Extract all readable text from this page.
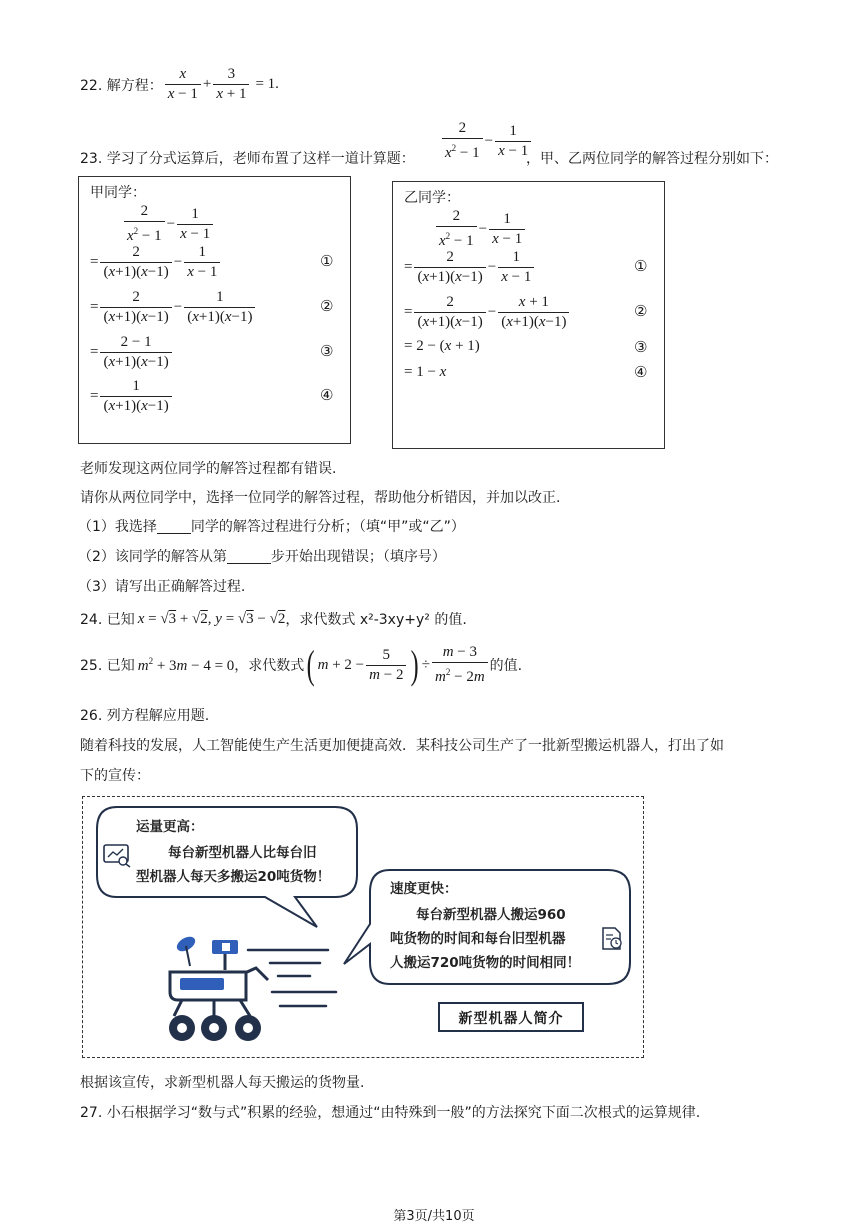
22. 解方程： $\frac{x}{x - 1} + \frac{3}{x + 1} = 1$.
23. 学习了分式运算后，老师布置了这样一道计算题： $\frac{2}{x^2 - 1} - \frac{1}{x - 1}$
，甲、乙两位同学的解答过程分别如下：
甲同学：
$\frac{2}{x^2 - 1} - \frac{1}{x - 1}$
= $\frac{2}{(x+1)(x-1)} - \frac{1}{x - 1}$	①
= $\frac{2}{(x+1)(x-1)} - \frac{1}{(x+1)(x-1)}$	②
= $\frac{2 - 1}{(x+1)(x-1)}$	③
= $\frac{1}{(x+1)(x-1)}$	④
乙同学：
$\frac{2}{x^2 - 1} - \frac{1}{x - 1}$
= $\frac{2}{(x+1)(x-1)} - \frac{1}{x - 1}$	①
= $\frac{2}{(x+1)(x-1)} - \frac{x + 1}{(x+1)(x-1)}$	②
= 2 − (x + 1)	③
= 1 − x	④
老师发现这两位同学的解答过程都有错误.
请你从两位同学中，选择一位同学的解答过程，帮助他分析错因，并加以改正.
（1）我选择 同学的解答过程进行分析；（填“甲”或“乙”）
（2）该同学的解答从第	步开始出现错误；（填序号）
（3）请写出正确解答过程.
24. 已知 x = √3 + √2, y = √3 − √2 ，求代数式 x²-3xy+y² 的值.
25. 已知 $m^2 + 3m - 4 = 0$ ，求代数式 ( $m + 2 - \frac{5}{m - 2}$ ) ÷ $\frac{m - 3}{m^2 - 2m}$ 的值.
26. 列方程解应用题.
随着科技的发展，人工智能使生产生活更加便捷高效．某科技公司生产了一批新型搬运机器人，打出了如
下的宣传：
运量更高：
每台新型机器人比每台旧
型机器人每天多搬运20吨货物！
速度更快：
每台新型机器人搬运960
吨货物的时间和每台旧型机器
人搬运720吨货物的时间相同！
新型机器人简介
根据该宣传，求新型机器人每天搬运的货物量.
27. 小石根据学习“数与式”积累的经验，想通过“由特殊到一般”的方法探究下面二次根式的运算规律.
第3页/共10页
